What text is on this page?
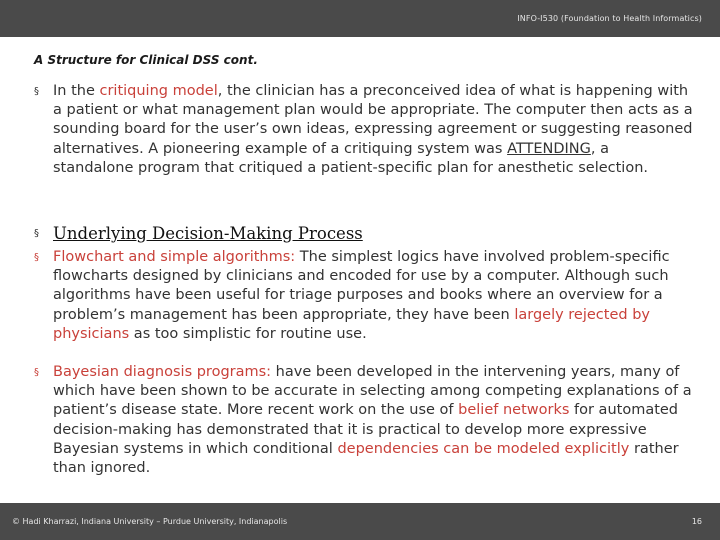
INFO-I530 (Foundation to Health Informatics)
A Structure for Clinical DSS cont.
§ In the critiquing model, the clinician has a preconceived idea of what is happening with a patient or what management plan would be appropriate. The computer then acts as a sounding board for the user’s own ideas, expressing agreement or suggesting reasoned alternatives. A pioneering example of a critiquing system was ATTENDING, a standalone program that critiqued a patient-specific plan for anesthetic selection.
§ Underlying Decision-Making Process
§ Flowchart and simple algorithms: The simplest logics have involved problem-specific flowcharts designed by clinicians and encoded for use by a computer. Although such algorithms have been useful for triage purposes and books where an overview for a problem’s management has been appropriate, they have been largely rejected by physicians as too simplistic for routine use.
§ Bayesian diagnosis programs: have been developed in the intervening years, many of which have been shown to be accurate in selecting among competing explanations of a patient’s disease state. More recent work on the use of belief networks for automated decision-making has demonstrated that it is practical to develop more expressive Bayesian systems in which conditional dependencies can be modeled explicitly rather than ignored.
© Hadi Kharrazi, Indiana University – Purdue University, Indianapolis	16
